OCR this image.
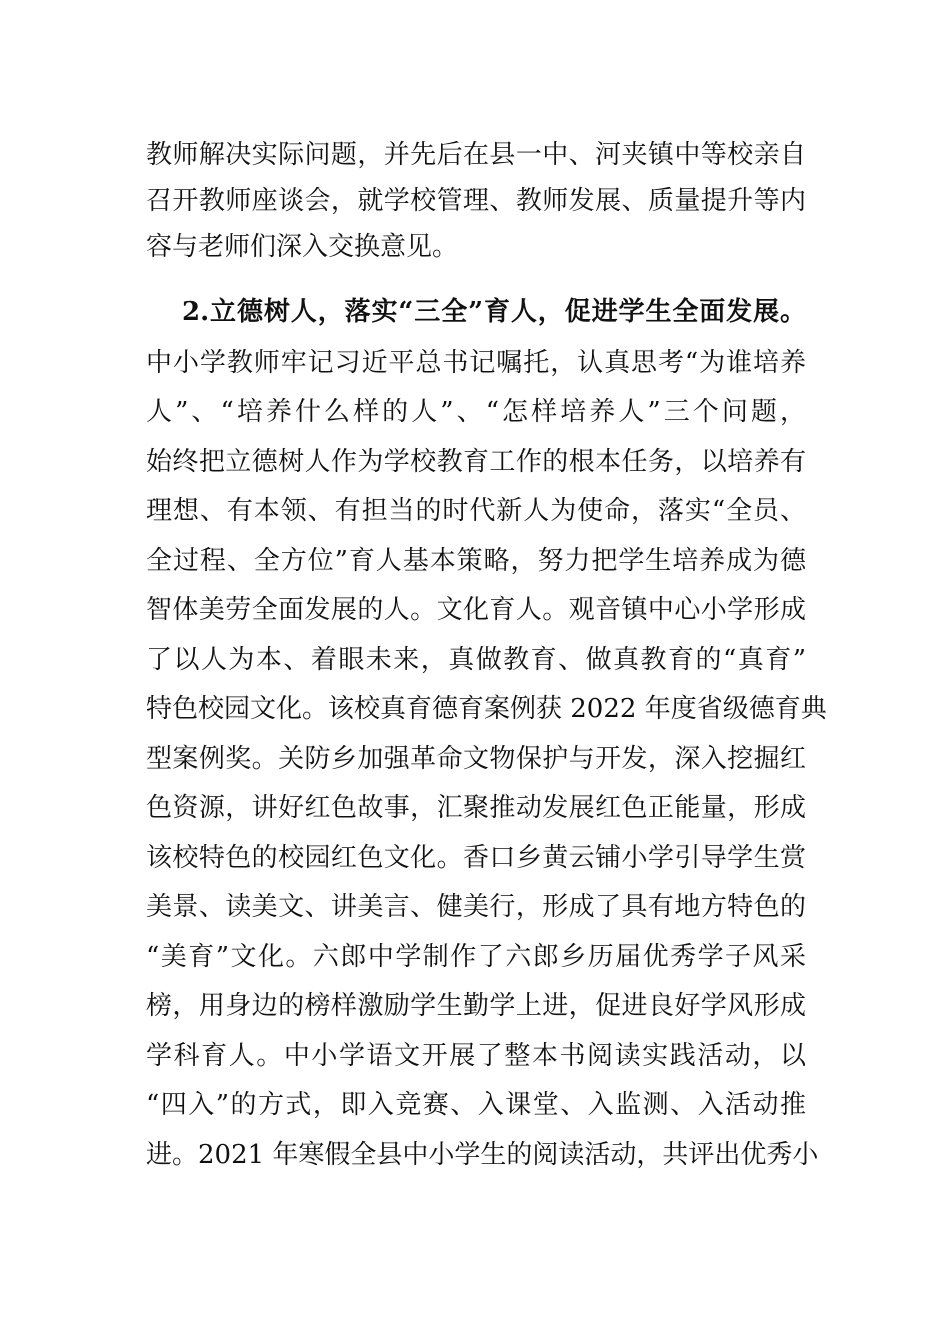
教师解决实际问题，并先后在县一中、河夹镇中等校亲自
召开教师座谈会，就学校管理、教师发展、质量提升等内
容与老师们深入交换意见。
2.立德树人，落实“三全”育人，促进学生全面发展。
中小学教师牢记习近平总书记嘱托，认真思考“为谁培养
人”、“培养什么样的人”、“怎样培养人”三个问题，
始终把立德树人作为学校教育工作的根本任务，以培养有
理想、有本领、有担当的时代新人为使命，落实“全员、
全过程、全方位”育人基本策略，努力把学生培养成为德
智体美劳全面发展的人。文化育人。观音镇中心小学形成
了以人为本、着眼未来，真做教育、做真教育的“真育”
特色校园文化。该校真育德育案例获 2022 年度省级德育典
型案例奖。关防乡加强革命文物保护与开发，深入挖掘红
色资源，讲好红色故事，汇聚推动发展红色正能量，形成
该校特色的校园红色文化。香口乡黄云铺小学引导学生赏
美景、读美文、讲美言、健美行，形成了具有地方特色的
“美育”文化。六郎中学制作了六郎乡历届优秀学子风采
榜，用身边的榜样激励学生勤学上进，促进良好学风形成
学科育人。中小学语文开展了整本书阅读实践活动，以
“四入”的方式，即入竞赛、入课堂、入监测、入活动推
进。2021 年寒假全县中小学生的阅读活动，共评出优秀小
